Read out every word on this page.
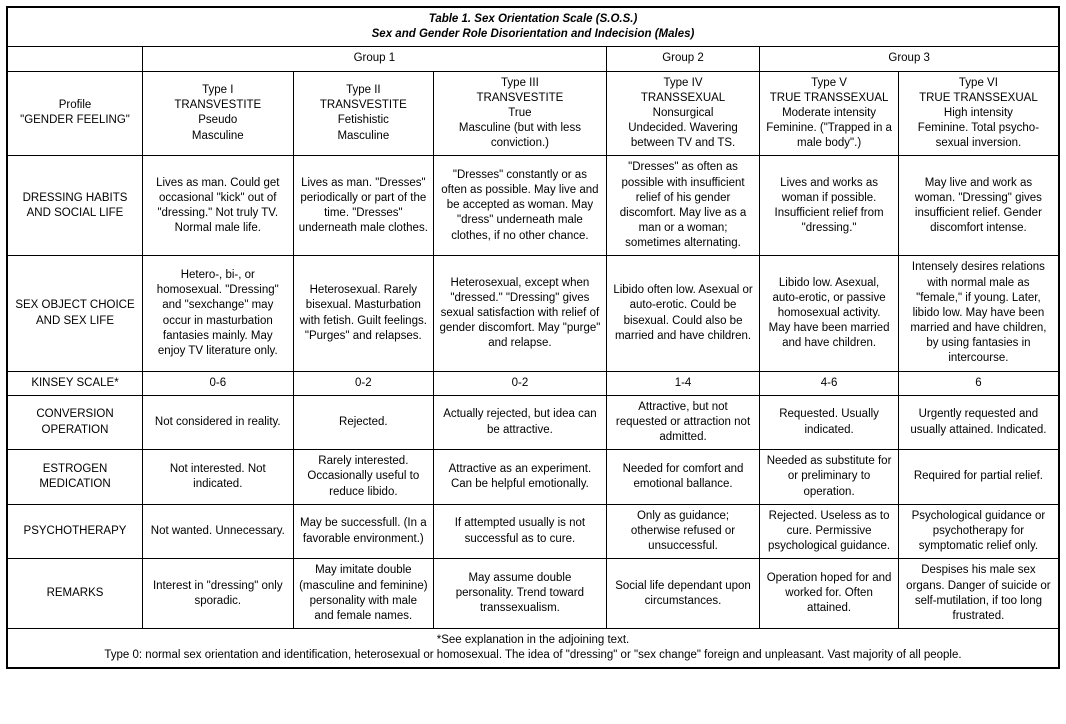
Table 1. Sex Orientation Scale (S.O.S.)
Sex and Gender Role Disorientation and Indecision (Males)						

	Group 1			Group 2	Group 3	

Profile
"GENDER FEELING"	Type I
TRANSVESTITE
Pseudo
Masculine	Type II
TRANSVESTITE
Fetishistic
Masculine	Type III
TRANSVESTITE
True
Masculine (but with less conviction.)	Type IV
TRANSSEXUAL
Nonsurgical
Undecided. Wavering between TV and TS.	Type V
TRUE TRANSSEXUAL
Moderate intensity
Feminine. ("Trapped in a male body".)	Type VI
TRUE TRANSSEXUAL
High intensity
Feminine. Total psycho-sexual inversion.

DRESSING HABITS AND SOCIAL LIFE	Lives as man. Could get occasional "kick" out of "dressing." Not truly TV. Normal male life.	Lives as man. "Dresses" periodically or part of the time. "Dresses" underneath male clothes.	"Dresses" constantly or as often as possible. May live and be accepted as woman. May "dress" underneath male clothes, if no other chance.	"Dresses" as often as possible with insufficient relief of his gender discomfort. May live as a man or a woman; sometimes alternating.	Lives and works as woman if possible. Insufficient relief from "dressing."	May live and work as woman. "Dressing" gives insufficient relief. Gender discomfort intense.
SEX OBJECT CHOICE AND SEX LIFE	Hetero-, bi-, or homosexual. "Dressing" and "sexchange" may occur in masturbation fantasies mainly. May enjoy TV literature only.	Heterosexual. Rarely bisexual. Masturbation with fetish. Guilt feelings. "Purges" and relapses.	Heterosexual, except when "dressed." "Dressing" gives sexual satisfaction with relief of gender discomfort. May "purge" and relapse.	Libido often low. Asexual or auto-erotic. Could be bisexual. Could also be married and have children.	Libido low. Asexual, auto-erotic, or passive homosexual activity. May have been married and have children.	Intensely desires relations with normal male as "female," if young. Later, libido low. May have been married and have children, by using fantasies in intercourse.
KINSEY SCALE*	0-6	0-2	0-2	1-4	4-6	6
CONVERSION OPERATION	Not considered in reality.	Rejected.	Actually rejected, but idea can be attractive.	Attractive, but not requested or attraction not admitted.	Requested. Usually indicated.	Urgently requested and usually attained. Indicated.
ESTROGEN MEDICATION	Not interested. Not indicated.	Rarely interested. Occasionally useful to reduce libido.	Attractive as an experiment. Can be helpful emotionally.	Needed for comfort and emotional ballance.	Needed as substitute for or preliminary to operation.	Required for partial relief.
PSYCHOTHERAPY	Not wanted. Unnecessary.	May be successfull. (In a favorable environment.)	If attempted usually is not successful as to cure.	Only as guidance; otherwise refused or unsuccessful.	Rejected. Useless as to cure. Permissive psychological guidance.	Psychological guidance or psychotherapy for symptomatic relief only.
REMARKS	Interest in "dressing" only sporadic.	May imitate double (masculine and feminine) personality with male and female names.	May assume double personality. Trend toward transsexualism.	Social life dependant upon circumstances.	Operation hoped for and worked for. Often attained.	Despises his male sex organs. Danger of suicide or self-mutilation, if too long frustrated.

*See explanation in the adjoining text.
Type 0: normal sex orientation and identification, heterosexual or homosexual. The idea of "dressing" or "sex change" foreign and unpleasant. Vast majority of all people.						
